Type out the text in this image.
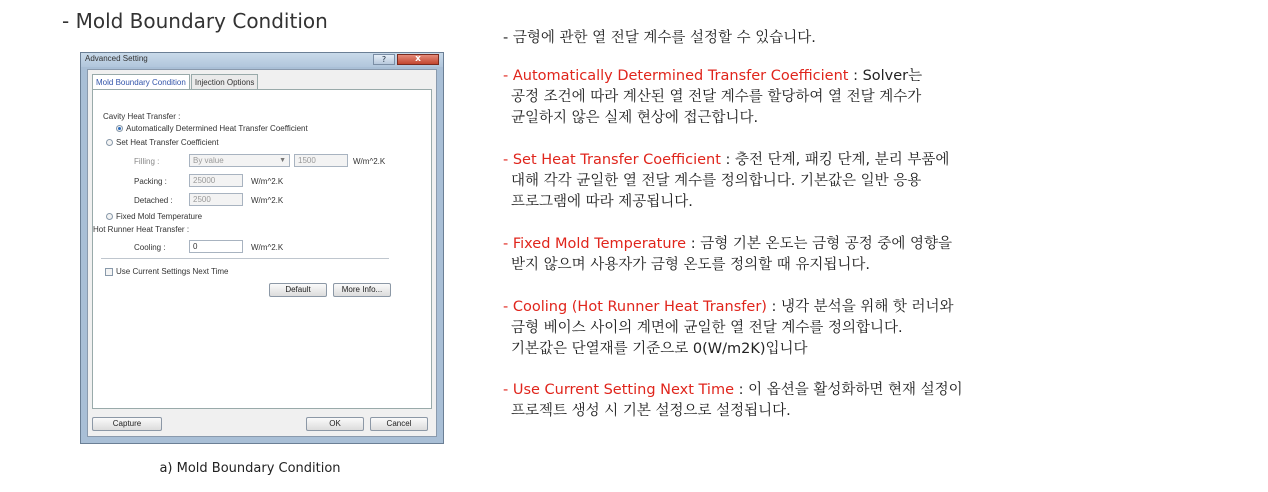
- Mold Boundary Condition
Advanced Setting	?	x
Mold Boundary Condition	Injection Options
Cavity Heat Transfer :
Automatically Determined Heat Transfer Coefficient
Set Heat Transfer Coefficient
Filling :	By value	▼	1500	W/m^2.K
Packing :	25000	W/m^2.K
Detached :	2500	W/m^2.K
Fixed Mold Temperature
Hot Runner Heat Transfer :
Cooling :	0	W/m^2.K
Use Current Settings Next Time
Default	More Info...
Capture	OK	Cancel
a) Mold Boundary Condition
- 금형에 관한 열 전달 계수를 설정할 수 있습니다.
- Automatically Determined Transfer Coefficient : Solver는
공정 조건에 따라 계산된 열 전달 계수를 할당하여 열 전달 계수가
균일하지 않은 실제 현상에 접근합니다.
- Set Heat Transfer Coefficient : 충전 단계, 패킹 단계, 분리 부품에
대해 각각 균일한 열 전달 계수를 정의합니다. 기본값은 일반 응용
프로그램에 따라 제공됩니다.
- Fixed Mold Temperature : 금형 기본 온도는 금형 공정 중에 영향을
받지 않으며 사용자가 금형 온도를 정의할 때 유지됩니다.
- Cooling (Hot Runner Heat Transfer) : 냉각 분석을 위해 핫 러너와
금형 베이스 사이의 계면에 균일한 열 전달 계수를 정의합니다.
기본값은 단열재를 기준으로 0(W/m2K)입니다
- Use Current Setting Next Time : 이 옵션을 활성화하면 현재 설정이
프로젝트 생성 시 기본 설정으로 설정됩니다.
